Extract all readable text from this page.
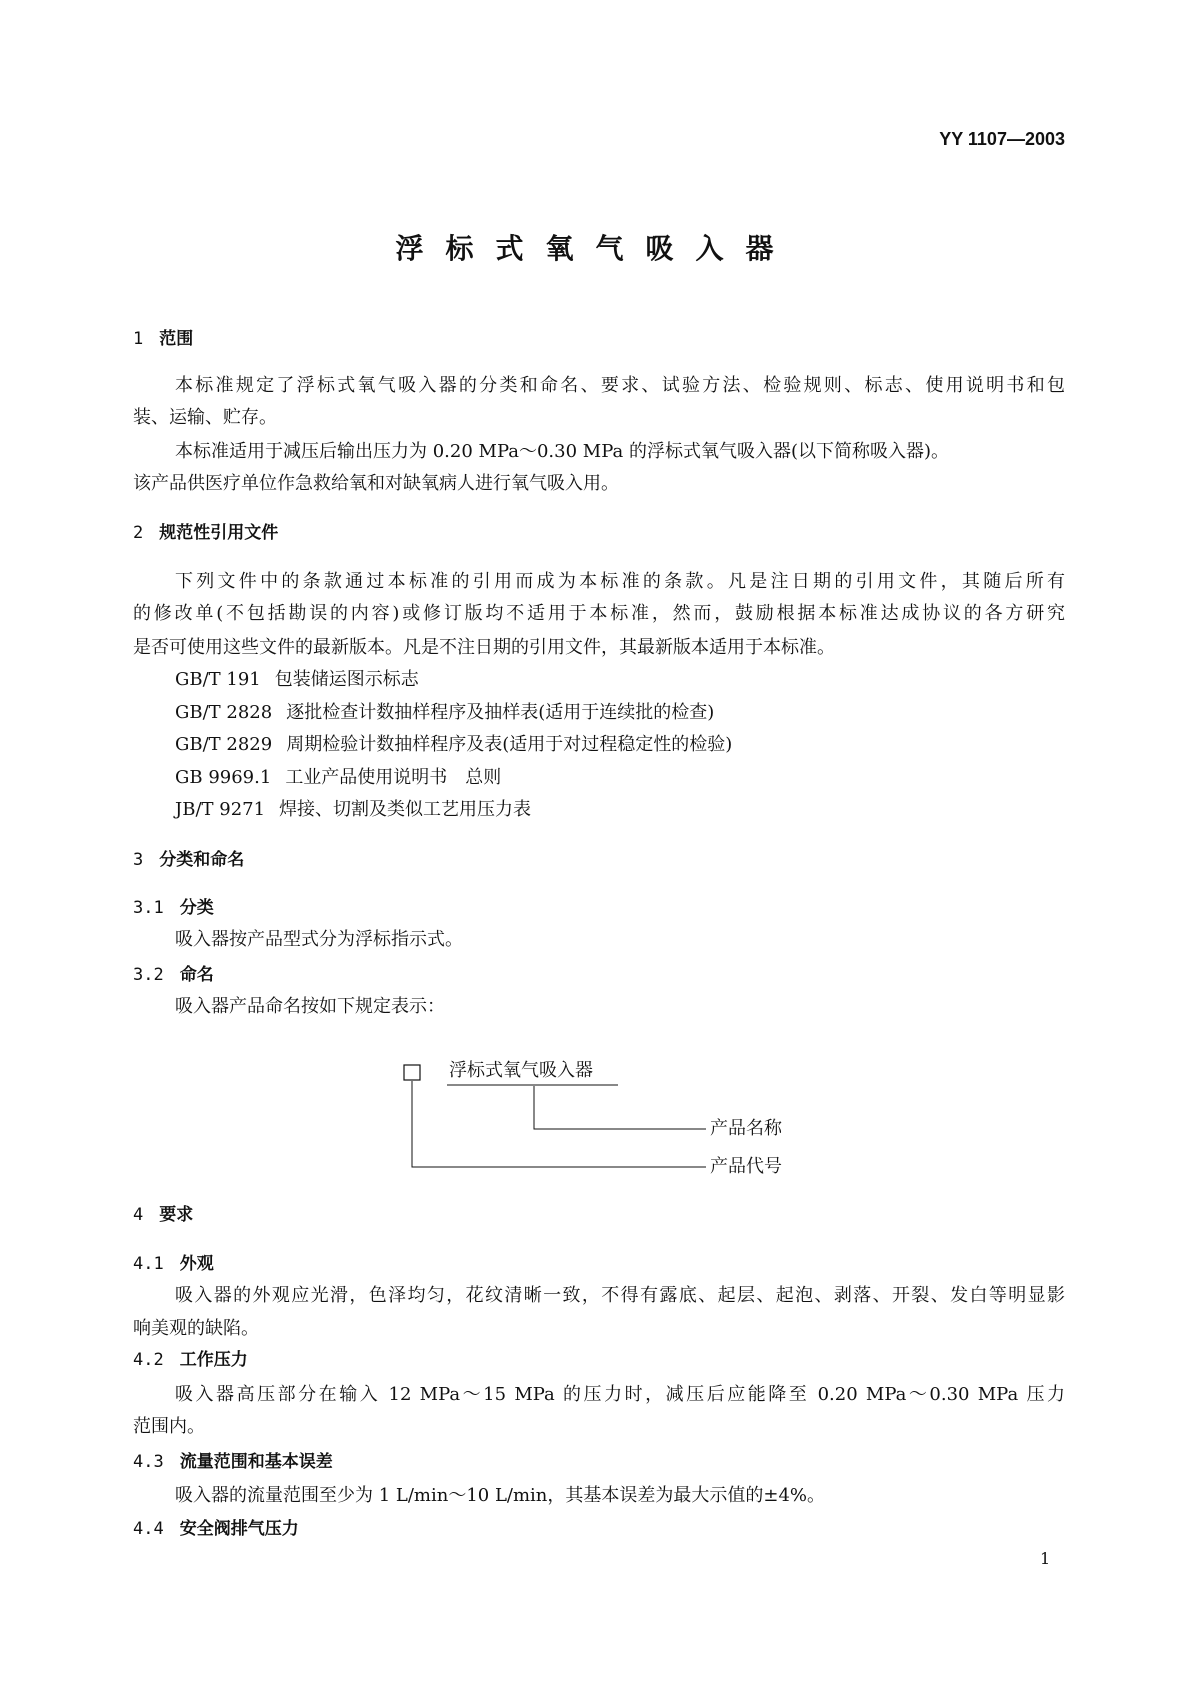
YY 1107—2003
浮标式氧气吸入器
1 范围
本标准规定了浮标式氧气吸入器的分类和命名、要求、试验方法、检验规则、标志、使用说明书和包
装、运输、贮存。
本标准适用于减压后输出压力为 0.20 MPa～0.30 MPa 的浮标式氧气吸入器(以下简称吸入器)。
该产品供医疗单位作急救给氧和对缺氧病人进行氧气吸入用。
2 规范性引用文件
下列文件中的条款通过本标准的引用而成为本标准的条款。凡是注日期的引用文件，其随后所有
的修改单(不包括勘误的内容)或修订版均不适用于本标准，然而，鼓励根据本标准达成协议的各方研究
是否可使用这些文件的最新版本。凡是不注日期的引用文件，其最新版本适用于本标准。
GB/T 191 包装储运图示标志
GB/T 2828 逐批检查计数抽样程序及抽样表(适用于连续批的检查)
GB/T 2829 周期检验计数抽样程序及表(适用于对过程稳定性的检验)
GB 9969.1 工业产品使用说明书　总则
JB/T 9271 焊接、切割及类似工艺用压力表
3 分类和命名
3.1 分类
吸入器按产品型式分为浮标指示式。
3.2 命名
吸入器产品命名按如下规定表示：
浮标式氧气吸入器
产品名称
产品代号
4 要求
4.1 外观
吸入器的外观应光滑，色泽均匀，花纹清晰一致，不得有露底、起层、起泡、剥落、开裂、发白等明显影
响美观的缺陷。
4.2 工作压力
吸入器高压部分在输入 12 MPa～15 MPa 的压力时，减压后应能降至 0.20 MPa～0.30 MPa 压力
范围内。
4.3 流量范围和基本误差
吸入器的流量范围至少为 1 L/min～10 L/min，其基本误差为最大示值的±4%。
4.4 安全阀排气压力
1
